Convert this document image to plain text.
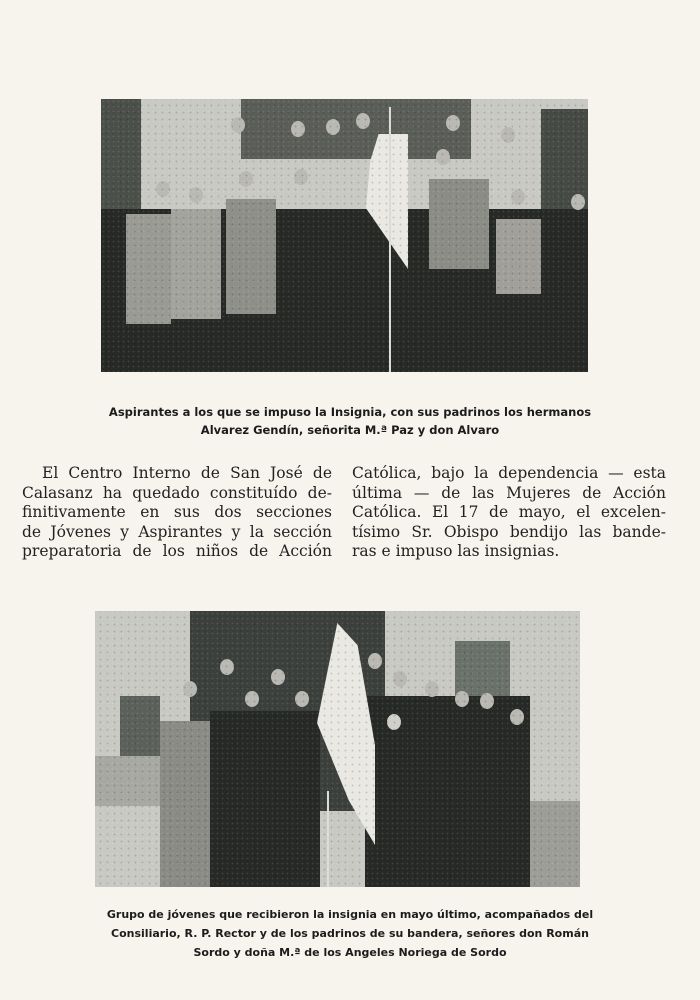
Aspirantes a los que se impuso la Insignia, con sus padrinos los hermanos
Alvarez Gendín, señorita M.ª Paz y don Alvaro
El Centro Interno de San José de
Calasanz ha quedado constituído de-
finitivamente en sus dos secciones
de Jóvenes y Aspirantes y la sección
preparatoria de los niños de Acción
Católica, bajo la dependencia — esta
última — de las Mujeres de Acción
Católica. El 17 de mayo, el excelen-
tísimo Sr. Obispo bendijo las bande-
ras e impuso las insignias.
Grupo de jóvenes que recibieron la insignia en mayo último, acompañados del
Consiliario, R. P. Rector y de los padrinos de su bandera, señores don Román
Sordo y doña M.ª de los Angeles Noriega de Sordo
